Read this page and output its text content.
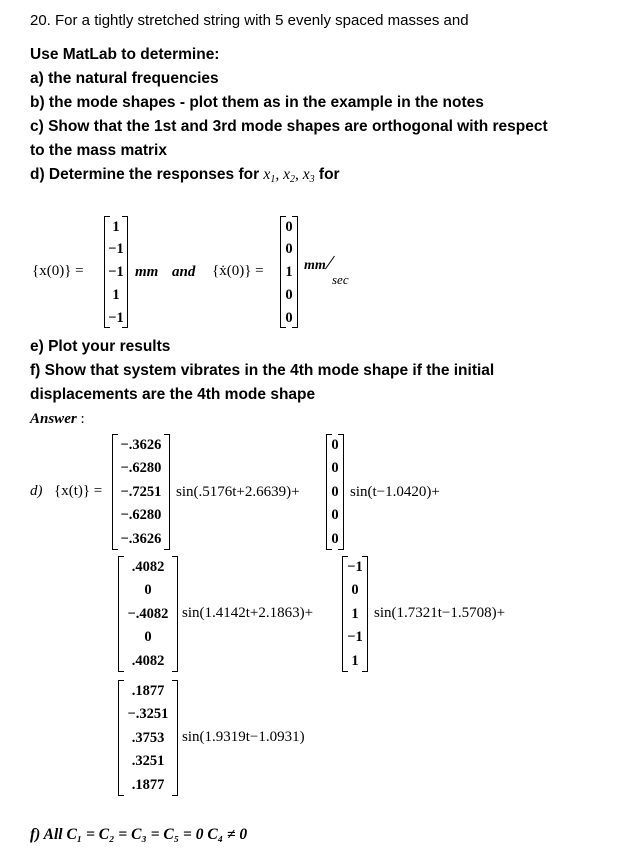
20. For a tightly stretched string with 5 evenly spaced masses and
Use MatLab to determine:
a) the natural frequencies
b) the mode shapes - plot them as in the example in the notes
c) Show that the 1st and 3rd mode shapes are orthogonal with respect
to the mass matrix
d) Determine the responses for $x_1$, $x_2$, $x_3$ for
{x(0)} =
1
−1
−1
1
−1
mm and {ẋ(0)} =
0
0
1
0
0
mm
sec
e) Plot your results
f) Show that system vibrates in the 4th mode shape if the initial
displacements are the 4th mode shape
Answer :
d) {x(t)} =
−.3626
−.6280
−.7251
−.6280
−.3626
sin(.5176t+2.6639)+
0
0
0
0
0
sin(t−1.0420)+
.4082
0
−.4082
0
.4082
sin(1.4142t+2.1863)+
−1
0
1
−1
1
sin(1.7321t−1.5708)+
.1877
−.3251
.3753
.3251
.1877
sin(1.9319t−1.0931)
f) All C₁ = C₂ = C₃ = C₅ = 0 C₄ ≠ 0
